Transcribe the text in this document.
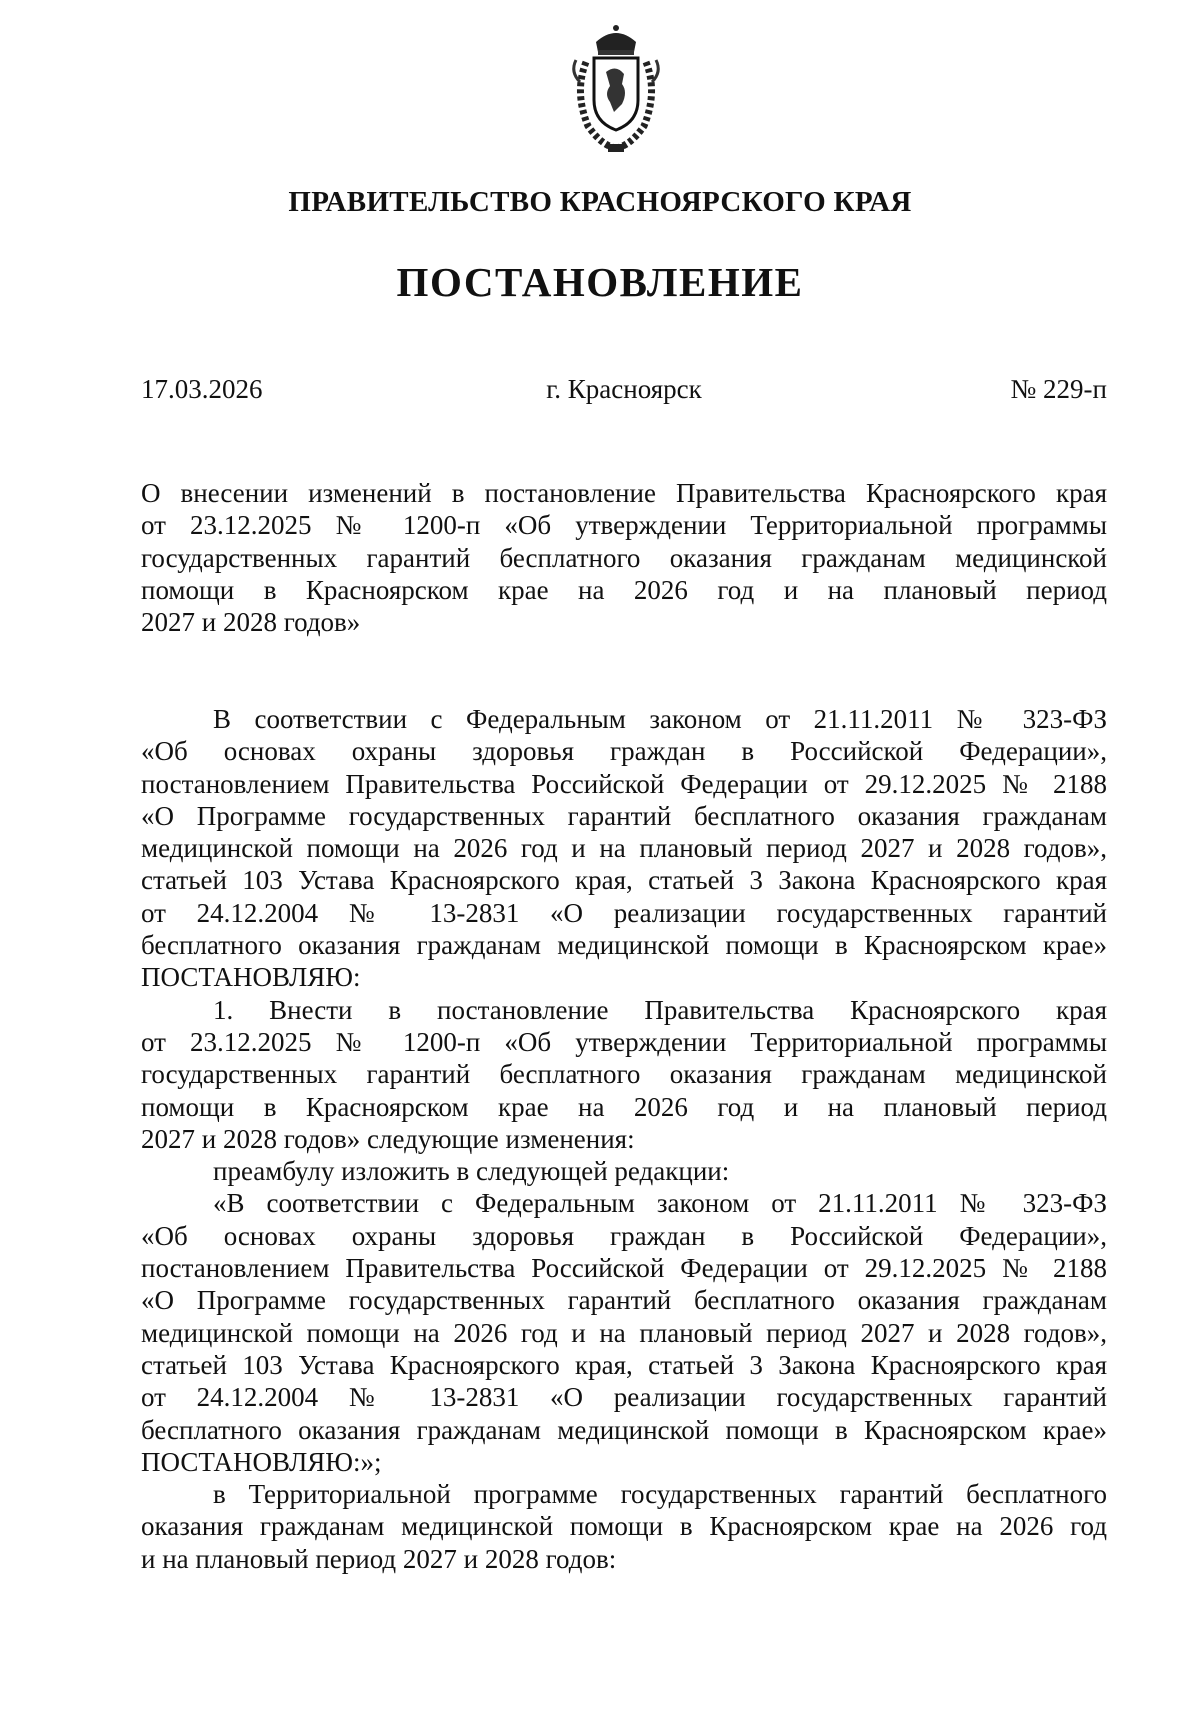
ПРАВИТЕЛЬСТВО КРАСНОЯРСКОГО КРАЯ
ПОСТАНОВЛЕНИЕ
г. Красноярск
17.03.2026	№ 229-п
О внесении изменений в постановление Правительства Красноярского края
от 23.12.2025 № 1200-п «Об утверждении Территориальной программы
государственных гарантий бесплатного оказания гражданам медицинской
помощи в Красноярском крае на 2026 год и на плановый период
2027 и 2028 годов»
В соответствии с Федеральным законом от 21.11.2011 № 323-ФЗ
«Об основах охраны здоровья граждан в Российской Федерации»,
постановлением Правительства Российской Федерации от 29.12.2025 № 2188
«О Программе государственных гарантий бесплатного оказания гражданам
медицинской помощи на 2026 год и на плановый период 2027 и 2028 годов»,
статьей 103 Устава Красноярского края, статьей 3 Закона Красноярского края
от 24.12.2004 № 13-2831 «О реализации государственных гарантий
бесплатного оказания гражданам медицинской помощи в Красноярском крае»
ПОСТАНОВЛЯЮ:
1. Внести в постановление Правительства Красноярского края
от 23.12.2025 № 1200-п «Об утверждении Территориальной программы
государственных гарантий бесплатного оказания гражданам медицинской
помощи в Красноярском крае на 2026 год и на плановый период
2027 и 2028 годов» следующие изменения:
преамбулу изложить в следующей редакции:
«В соответствии с Федеральным законом от 21.11.2011 № 323-ФЗ
«Об основах охраны здоровья граждан в Российской Федерации»,
постановлением Правительства Российской Федерации от 29.12.2025 № 2188
«О Программе государственных гарантий бесплатного оказания гражданам
медицинской помощи на 2026 год и на плановый период 2027 и 2028 годов»,
статьей 103 Устава Красноярского края, статьей 3 Закона Красноярского края
от 24.12.2004 № 13-2831 «О реализации государственных гарантий
бесплатного оказания гражданам медицинской помощи в Красноярском крае»
ПОСТАНОВЛЯЮ:»;
в Территориальной программе государственных гарантий бесплатного
оказания гражданам медицинской помощи в Красноярском крае на 2026 год
и на плановый период 2027 и 2028 годов:
